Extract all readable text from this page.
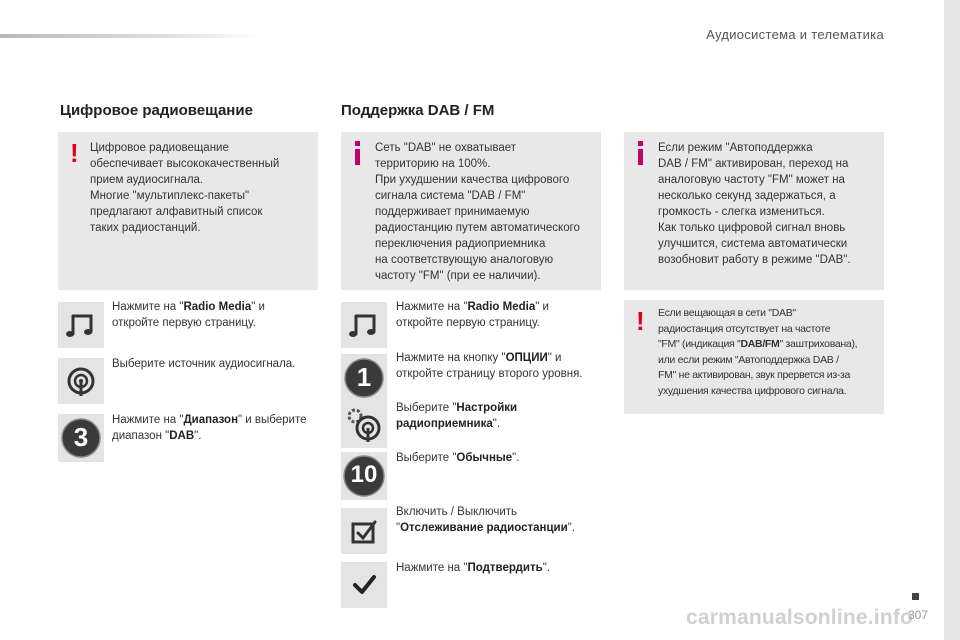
Аудиосистема и телематика
Цифровое радиовещание
! Цифровое радиовещание
обеспечивает высококачественный
прием аудиосигнала.
Многие "мультиплекс-пакеты"
предлагают алфавитный список
таких радиостанций.
Нажмите на "Radio Media" и откройте первую страницу.
Выберите источник аудиосигнала.
3
Нажмите на "Диапазон" и выберите диапазон "DAB".
Поддержка DAB / FM
Сеть "DAB" не охватывает
территорию на 100%.
При ухудшении качества цифрового
сигнала система "DAB / FM"
поддерживает принимаемую
радиостанцию путем автоматического
переключения радиоприемника
на соответствующую аналоговую
частоту "FM" (при ее наличии).
Нажмите на "Radio Media" и откройте первую страницу.
1
Нажмите на кнопку "ОПЦИИ" и откройте страницу второго уровня.
Выберите "Настройки радиоприемника".
10
Выберите "Обычные".
Включить / Выключить "Отслеживание радиостанции".
Нажмите на "Подтвердить".
Если режим "Автоподдержка
DAB / FM" активирован, переход на
аналоговую частоту "FM" может на
несколько секунд задержаться, а
громкость - слегка измениться.
Как только цифровой сигнал вновь
улучшится, система автоматически
возобновит работу в режиме "DAB".
! Если вещающая в сети "DAB"
радиостанция отсутствует на частоте
"FM" (индикация "DAB/FM" заштрихована),
или если режим "Автоподдержка DAB /
FM" не активирован, звук прервется из-за
ухудшения качества цифрового сигнала.
carmanualsonline.info
307
